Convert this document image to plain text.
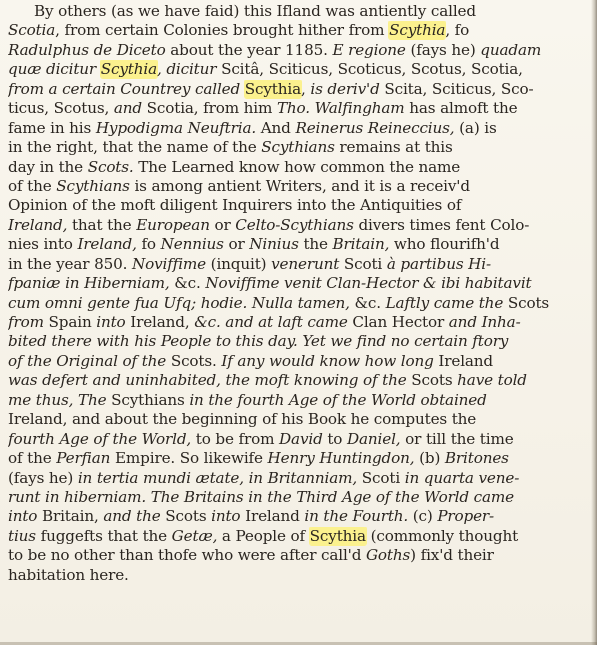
By others (as we have faid) this Ifland was antiently called
Scotia, from certain Colonies brought hither from Scythia, fo
Radulphus de Diceto about the year 1185. E regione (fays he) quadam
quæ dicitur Scythia, dicitur Scitâ, Sciticus, Scoticus, Scotus, Scotia,
from a certain Countrey called Scythia, is deriv'd Scita, Sciticus, Sco-
ticus, Scotus, and Scotia, from him Tho. Walfingham has almoft the
fame in his Hypodigma Neuftria. And Reinerus Reineccius, (a) is
in the right, that the name of the Scythians remains at this
day in the Scots. The Learned know how common the name
of the Scythians is among antient Writers, and it is a receiv'd
Opinion of the moft diligent Inquirers into the Antiquities of
Ireland, that the European or Celto-Scythians divers times fent Colo-
nies into Ireland, fo Nennius or Ninius the Britain, who flourifh'd
in the year 850. Noviffime (inquit) venerunt Scoti à partibus Hi-
fpaniæ in Hiberniam, &c. Noviffime venit Clan-Hector & ibi habitavit
cum omni gente fua Ufq; hodie. Nulla tamen, &c. Laftly came the Scots
from Spain into Ireland, &c. and at laft came Clan Hector and Inha-
bited there with his People to this day. Yet we find no certain ftory
of the Original of the Scots. If any would know how long Ireland
was defert and uninhabited, the moft knowing of the Scots have told
me thus, The Scythians in the fourth Age of the World obtained
Ireland, and about the beginning of his Book he computes the
fourth Age of the World, to be from David to Daniel, or till the time
of the Perfian Empire. So likewife Henry Huntingdon, (b) Britones
(fays he) in tertia mundi ætate, in Britanniam, Scoti in quarta vene-
runt in hiberniam. The Britains in the Third Age of the World came
into Britain, and the Scots into Ireland in the Fourth. (c) Proper-
tius fuggefts that the Getæ, a People of Scythia (commonly thought
to be no other than thofe who were after call'd Goths) fix'd their
habitation here.
